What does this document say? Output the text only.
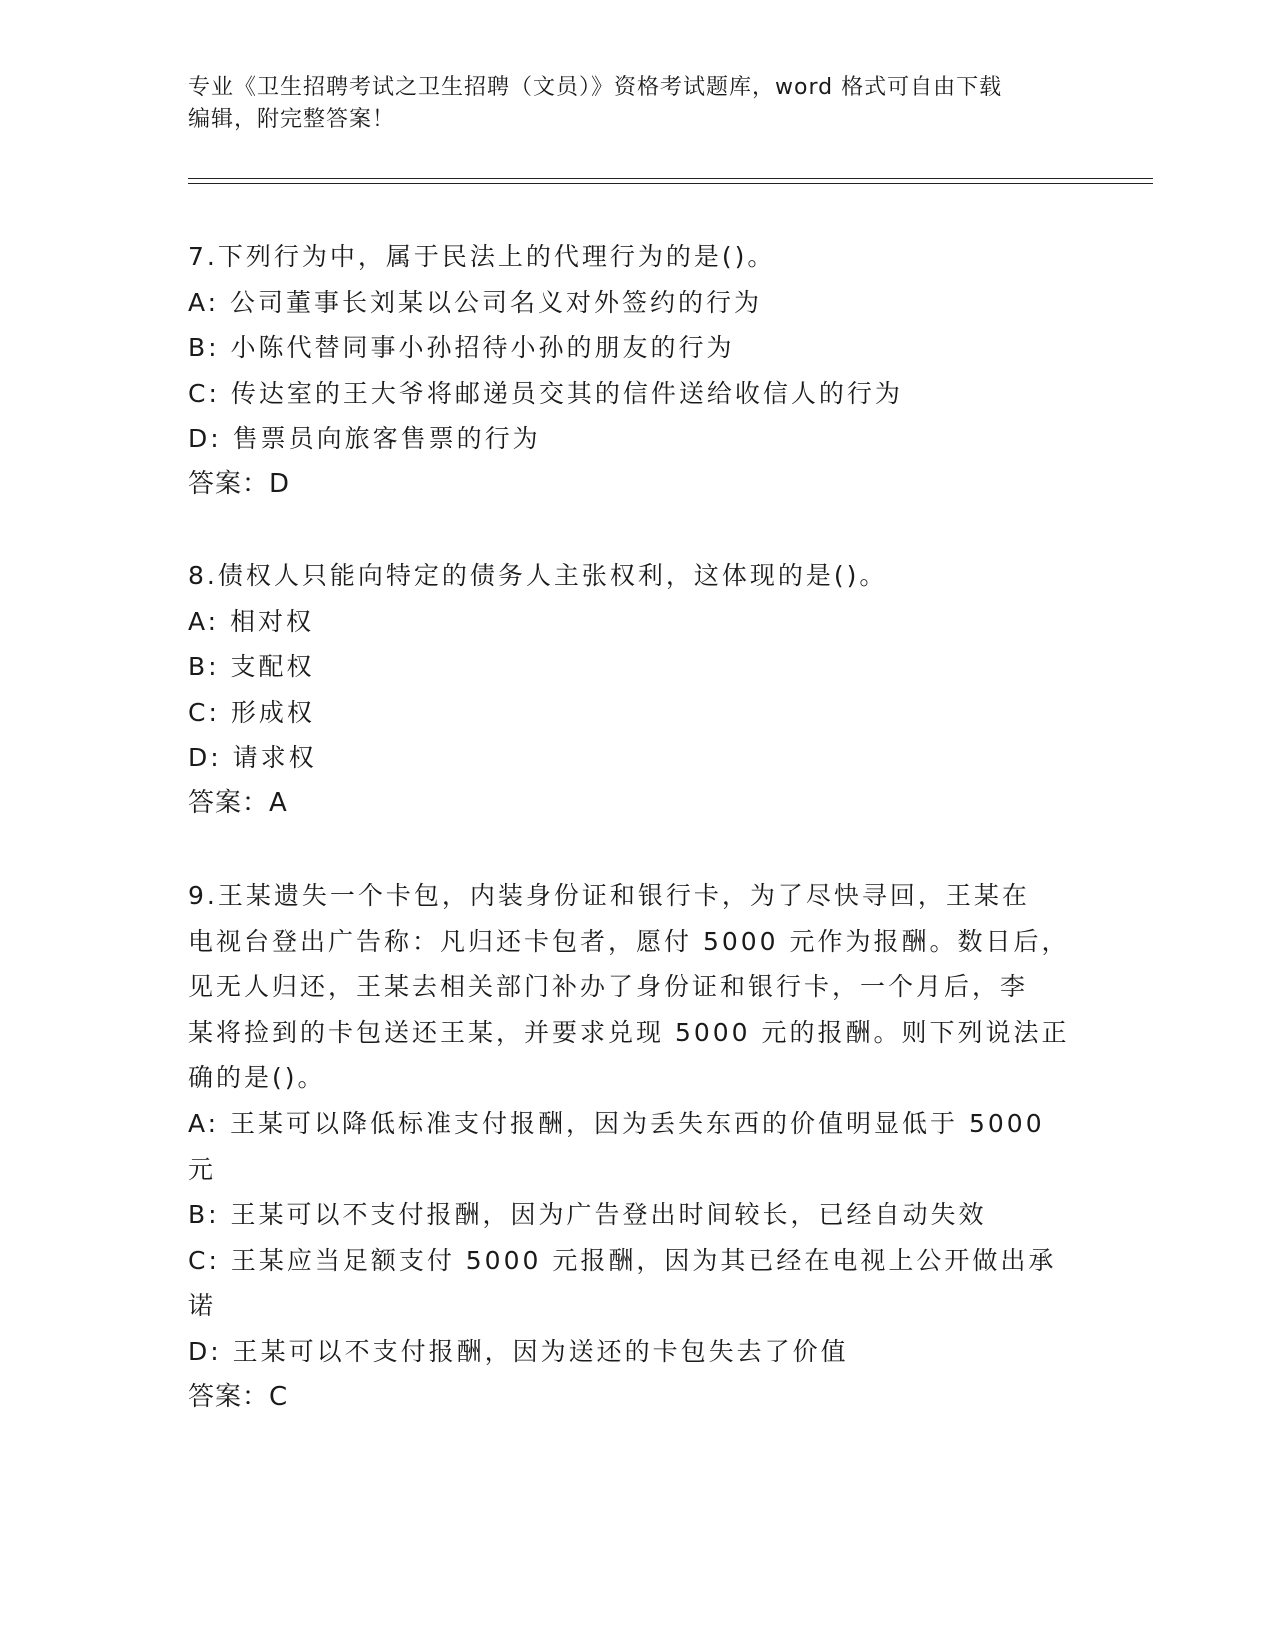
专业《卫生招聘考试之卫生招聘（文员）》资格考试题库，word 格式可自由下载
编辑，附完整答案！
7.下列行为中，属于民法上的代理行为的是()。
A: 公司董事长刘某以公司名义对外签约的行为
B: 小陈代替同事小孙招待小孙的朋友的行为
C: 传达室的王大爷将邮递员交其的信件送给收信人的行为
D: 售票员向旅客售票的行为
答案：D
8.债权人只能向特定的债务人主张权利，这体现的是()。
A: 相对权
B: 支配权
C: 形成权
D: 请求权
答案：A
9.王某遗失一个卡包，内装身份证和银行卡，为了尽快寻回，王某在
电视台登出广告称：凡归还卡包者，愿付 5000 元作为报酬。数日后，
见无人归还，王某去相关部门补办了身份证和银行卡，一个月后，李
某将捡到的卡包送还王某，并要求兑现 5000 元的报酬。则下列说法正
确的是()。
A: 王某可以降低标准支付报酬，因为丢失东西的价值明显低于 5000
元
B: 王某可以不支付报酬，因为广告登出时间较长，已经自动失效
C: 王某应当足额支付 5000 元报酬，因为其已经在电视上公开做出承
诺
D: 王某可以不支付报酬，因为送还的卡包失去了价值
答案：C
